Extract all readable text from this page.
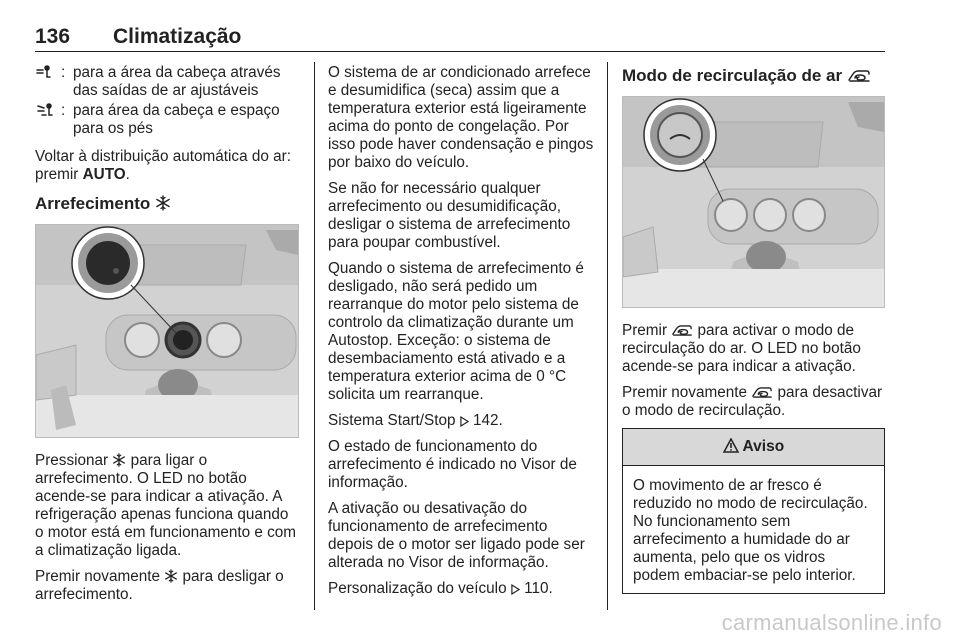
136 Climatização
: para a área da cabeça através das saídas de ar ajustáveis
: para área da cabeça e espaço para os pés

Voltar à distribuição automática do ar: premir AUTO.

Arrefecimento

Pressionar para ligar o arrefecimento. O LED no botão acende-se para indicar a ativação. A refrigeração apenas funciona quando o motor está em funcionamento e com a climatização ligada.

Premir novamente para desligar o arrefecimento.

O sistema de ar condicionado arrefece e desumidifica (seca) assim que a temperatura exterior está ligeiramente acima do ponto de congelação. Por isso pode haver condensação e pingos por baixo do veículo.

Se não for necessário qualquer arrefecimento ou desumidificação, desligar o sistema de arrefecimento para poupar combustível.

Quando o sistema de arrefecimento é desligado, não será pedido um rearranque do motor pelo sistema de controlo da climatização durante um Autostop. Exceção: o sistema de desembaciamento está ativado e a temperatura exterior acima de 0 °C solicita um rearranque.

Sistema Start/Stop 142.

O estado de funcionamento do arrefecimento é indicado no Visor de informação.

A ativação ou desativação do funcionamento de arrefecimento depois de o motor ser ligado pode ser alterada no Visor de informação.

Personalização do veículo 110.

Modo de recirculação de ar

Premir para activar o modo de recirculação do ar. O LED no botão acende-se para indicar a ativação.

Premir novamente para desactivar o modo de recirculação.

Aviso
O movimento de ar fresco é reduzido no modo de recirculação. No funcionamento sem arrefecimento a humidade do ar aumenta, pelo que os vidros podem embaciar-se pelo interior.
carmanualsonline.info
